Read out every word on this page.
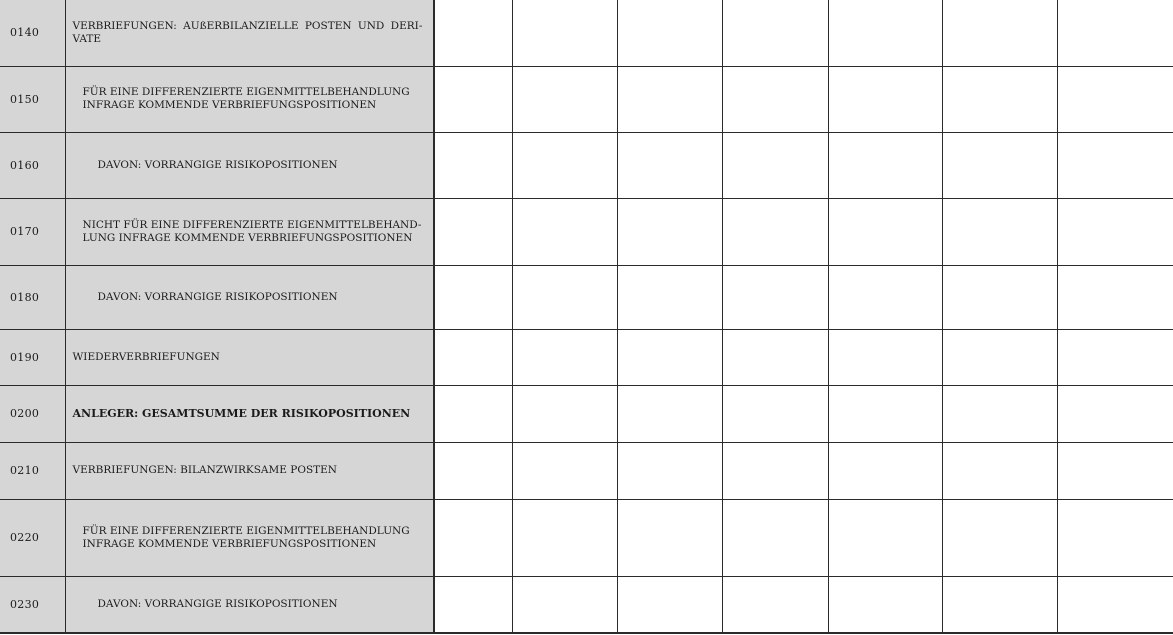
0140	VERBRIEFUNGEN: AUßERBILANZIELLE POSTEN UND DERI-
VATE							

0150	FÜR EINE DIFFERENZIERTE EIGENMITTELBEHANDLUNG INFRAGE KOMMENDE VERBRIEFUNGSPOSITIONEN							
0160	DAVON: VORRANGIGE RISIKOPOSITIONEN							
0170	NICHT FÜR EINE DIFFERENZIERTE EIGENMITTELBEHAND-
LUNG INFRAGE KOMMENDE VERBRIEFUNGSPOSITIONEN							

0180	DAVON: VORRANGIGE RISIKOPOSITIONEN							
0190	WIEDERVERBRIEFUNGEN							
0200	ANLEGER: GESAMTSUMME DER RISIKOPOSITIONEN							
0210	VERBRIEFUNGEN: BILANZWIRKSAME POSTEN							
0220	FÜR EINE DIFFERENZIERTE EIGENMITTELBEHANDLUNG INFRAGE KOMMENDE VERBRIEFUNGSPOSITIONEN							
0230	DAVON: VORRANGIGE RISIKOPOSITIONEN							
